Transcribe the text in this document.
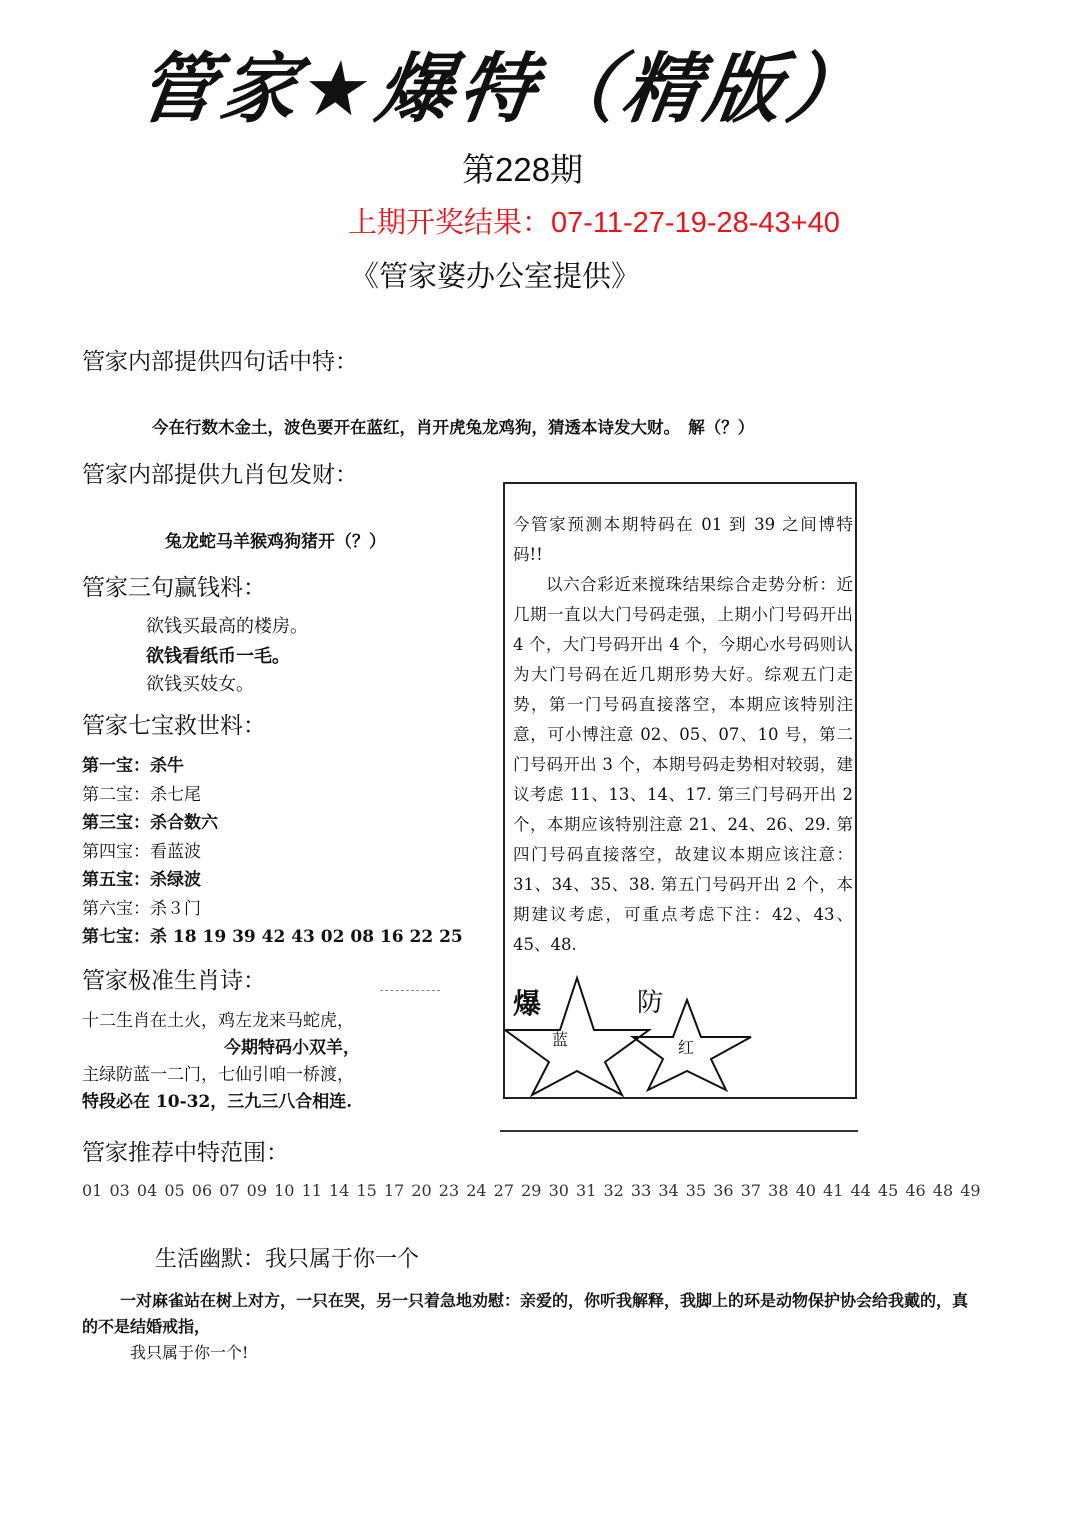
管家★爆特（精版）
第228期
上期开奖结果：07-11-27-19-28-43+40
《管家婆办公室提供》
管家内部提供四句话中特：
今在行数木金土，波色要开在蓝红，肖开虎兔龙鸡狗，猜透本诗发大财。　解（？）
管家内部提供九肖包发财：
兔龙蛇马羊猴鸡狗猪开（？）
管家三句赢钱料：
欲钱买最高的楼房。
欲钱看纸币一毛。
欲钱买妓女。
管家七宝救世料：
第一宝：杀牛
第二宝：杀七尾
第三宝：杀合数六
第四宝：看蓝波
第五宝：杀绿波
第六宝：杀３门
第七宝：杀 18 19 39 42 43 02 08 16 22 25
管家极准生肖诗：
十二生肖在土火，鸡左龙来马蛇虎，
今期特码小双羊，
主绿防蓝一二门，七仙引咱一桥渡，
特段必在 10-32，三九三八合相连.
管家推荐中特范围：
01 03 04 05 06 07 09 10 11 14 15 17 20 23 24 27 29 30 31 32 33 34 35 36 37 38 40 41 44 45 46 48 49
今管家预测本期特码在 01 到 39 之间博特码!!
以六合彩近来搅珠结果综合走势分析：近几期一直以大门号码走强，上期小门号码开出 4 个，大门号码开出 4 个，今期心水号码则认为大门号码在近几期形势大好。综观五门走势，第一门号码直接落空，本期应该特别注意，可小博注意 02、05、07、10 号，第二门号码开出 3 个，本期号码走势相对较弱，建议考虑 11、13、14、17. 第三门号码开出 2 个，本期应该特别注意 21、24、26、29. 第四门号码直接落空，故建议本期应该注意：31、34、35、38. 第五门号码开出 2 个，本期建议考虑，可重点考虑下注：42、43、45、48.
爆	防
蓝	红
生活幽默：我只属于你一个
一对麻雀站在树上对方，一只在哭，另一只着急地劝慰：亲爱的，你听我解释，我脚上的环是动物保护协会给我戴的，真的不是结婚戒指，
我只属于你一个!
